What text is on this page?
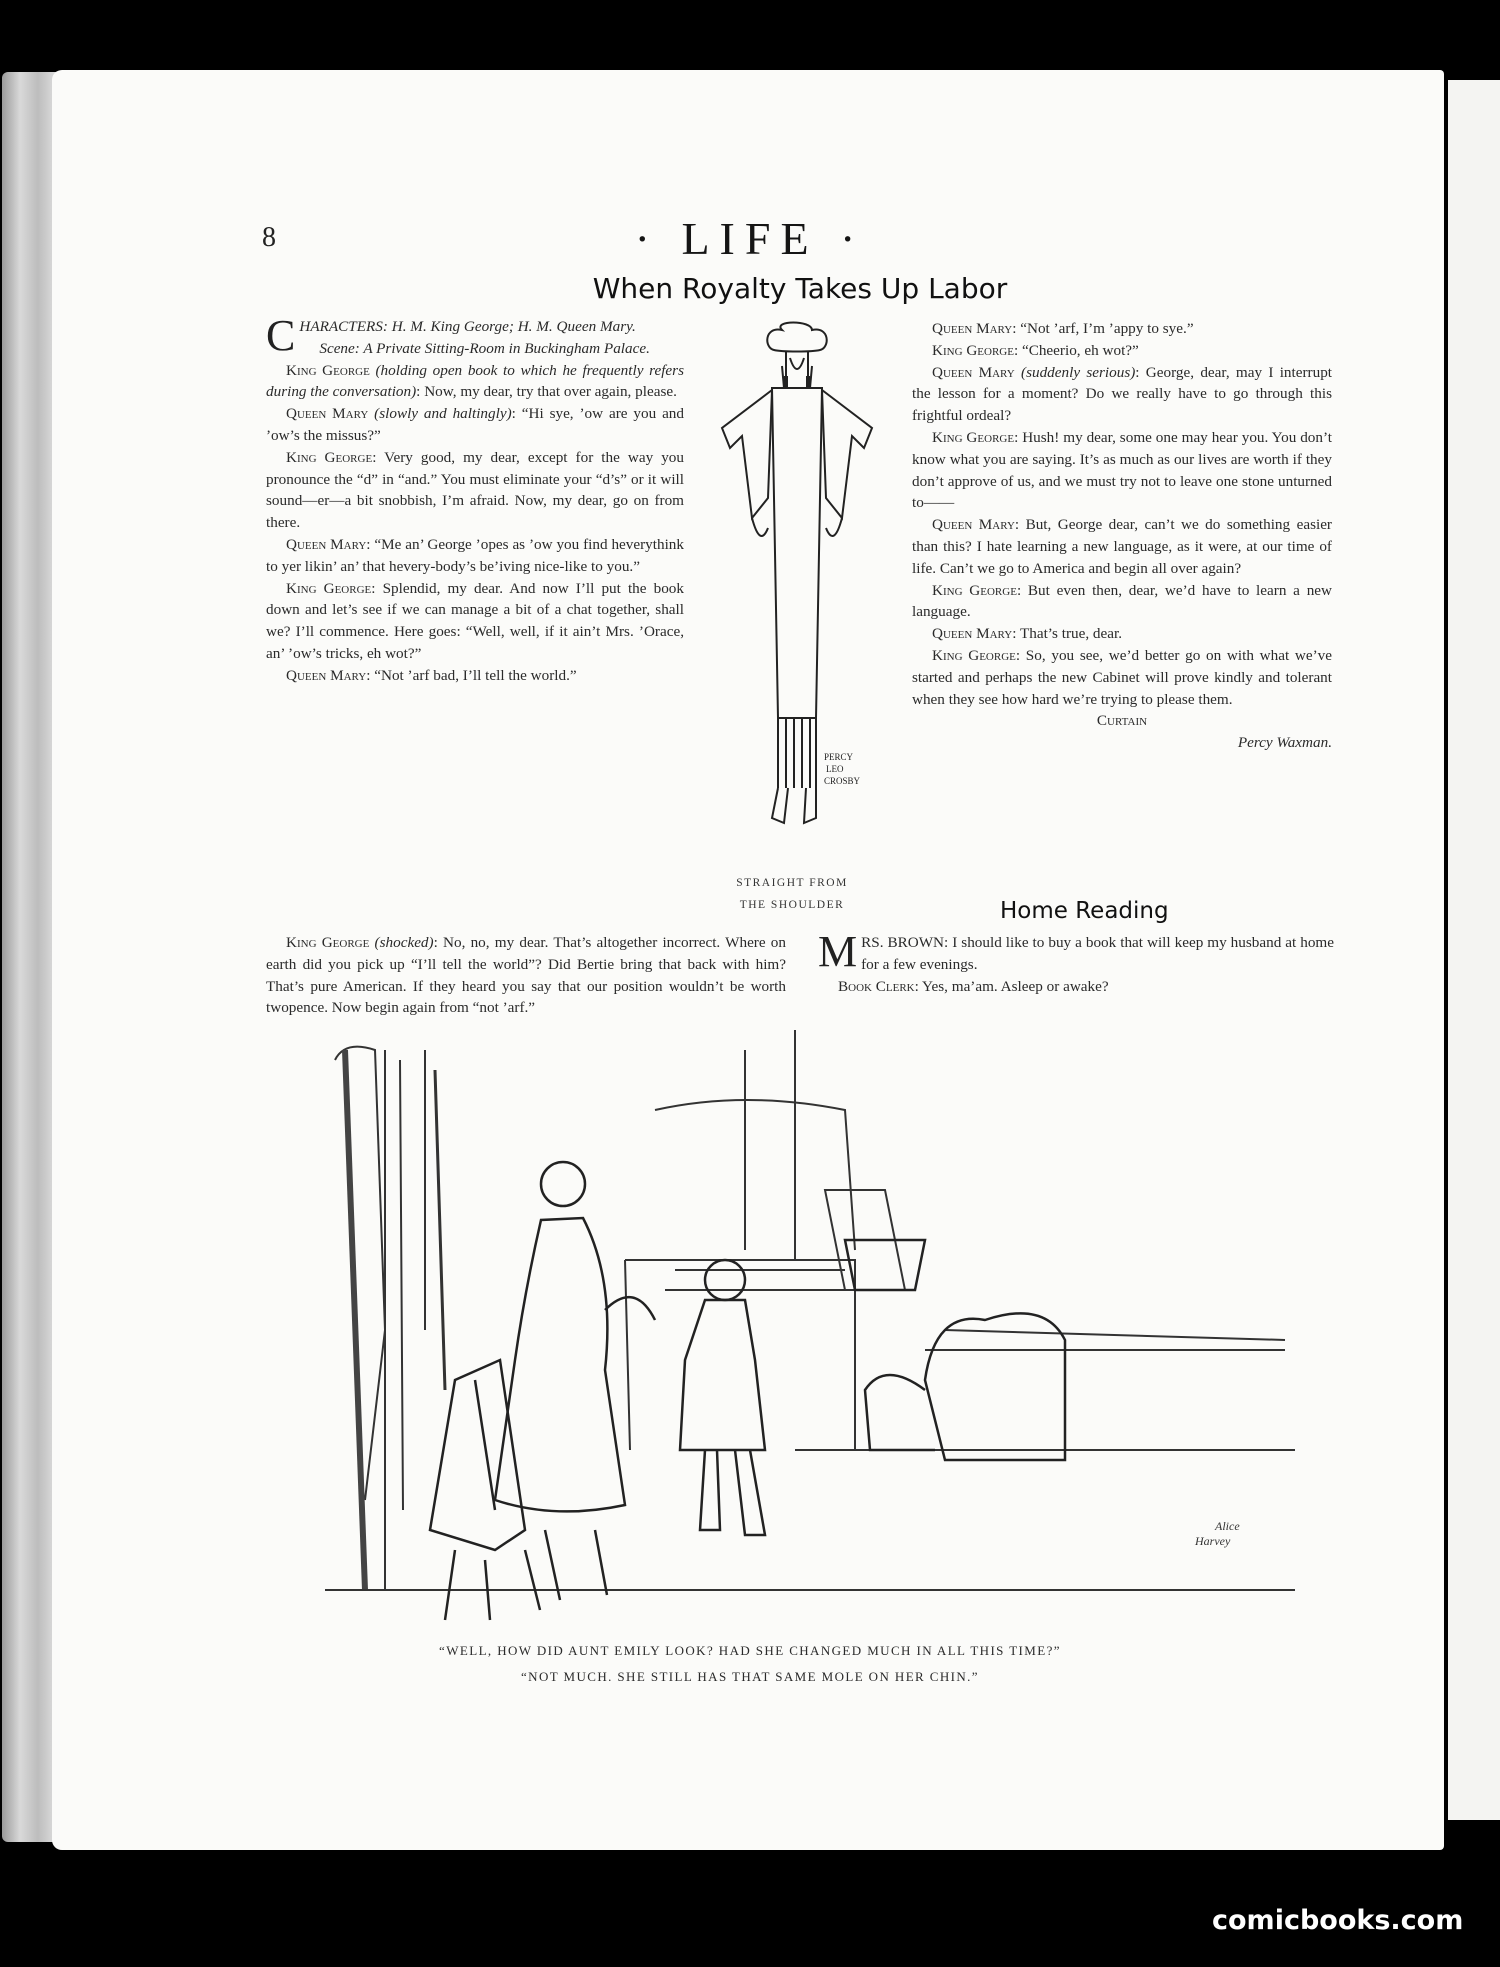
8	· LIFE ·
When Royalty Takes Up Labor

CHARACTERS: H. M. King George; H. M. Queen Mary.

Scene: A Private Sitting-Room in Buckingham Palace.

King George (holding open book to which he frequently refers during the conversation): Now, my dear, try that over again, please.

Queen Mary (slowly and haltingly): “Hi sye, ’ow are you and ’ow’s the missus?”

King George: Very good, my dear, except for the way you pronounce the “d” in “and.” You must eliminate your “d’s” or it will sound—er—a bit snobbish, I’m afraid. Now, my dear, go on from there.

Queen Mary: “Me an’ George ’opes as ’ow you find heverythink to yer likin’ an’ that hevery-body’s be’iving nice-like to you.”

King George: Splendid, my dear. And now I’ll put the book down and let’s see if we can manage a bit of a chat together, shall we? I’ll commence. Here goes: “Well, well, if it ain’t Mrs. ’Orace, an’ ’ow’s tricks, eh wot?”

Queen Mary: “Not ’arf bad, I’ll tell the world.”

King George (shocked): No, no, my dear. That’s altogether incorrect. Where on earth did you pick up “I’ll tell the world”? Did Bertie bring that back with him? That’s pure American. If they heard you say that our position wouldn’t be worth twopence. Now begin again from “not ’arf.”

PERCY
LEO
CROSBY
STRAIGHT FROM
THE SHOULDER

Queen Mary: “Not ’arf, I’m ’appy to sye.”

King George: “Cheerio, eh wot?”

Queen Mary (suddenly serious): George, dear, may I interrupt the lesson for a moment? Do we really have to go through this frightful ordeal?

King George: Hush! my dear, some one may hear you. You don’t know what you are saying. It’s as much as our lives are worth if they don’t approve of us, and we must try not to leave one stone unturned to——

Queen Mary: But, George dear, can’t we do something easier than this? I hate learning a new language, as it were, at our time of life. Can’t we go to America and begin all over again?

King George: But even then, dear, we’d have to learn a new language.

Queen Mary: That’s true, dear.

King George: So, you see, we’d better go on with what we’ve started and perhaps the new Cabinet will prove kindly and tolerant when they see how hard we’re trying to please them.

Curtain

Percy Waxman.

Home Reading

MRS. BROWN: I should like to buy a book that will keep my husband at home for a few evenings.

Book Clerk: Yes, ma’am. Asleep or awake?

Alice
Harvey
“WELL, HOW DID AUNT EMILY LOOK? HAD SHE CHANGED MUCH IN ALL THIS TIME?”
“NOT MUCH. SHE STILL HAS THAT SAME MOLE ON HER CHIN.”
comicbooks.com
